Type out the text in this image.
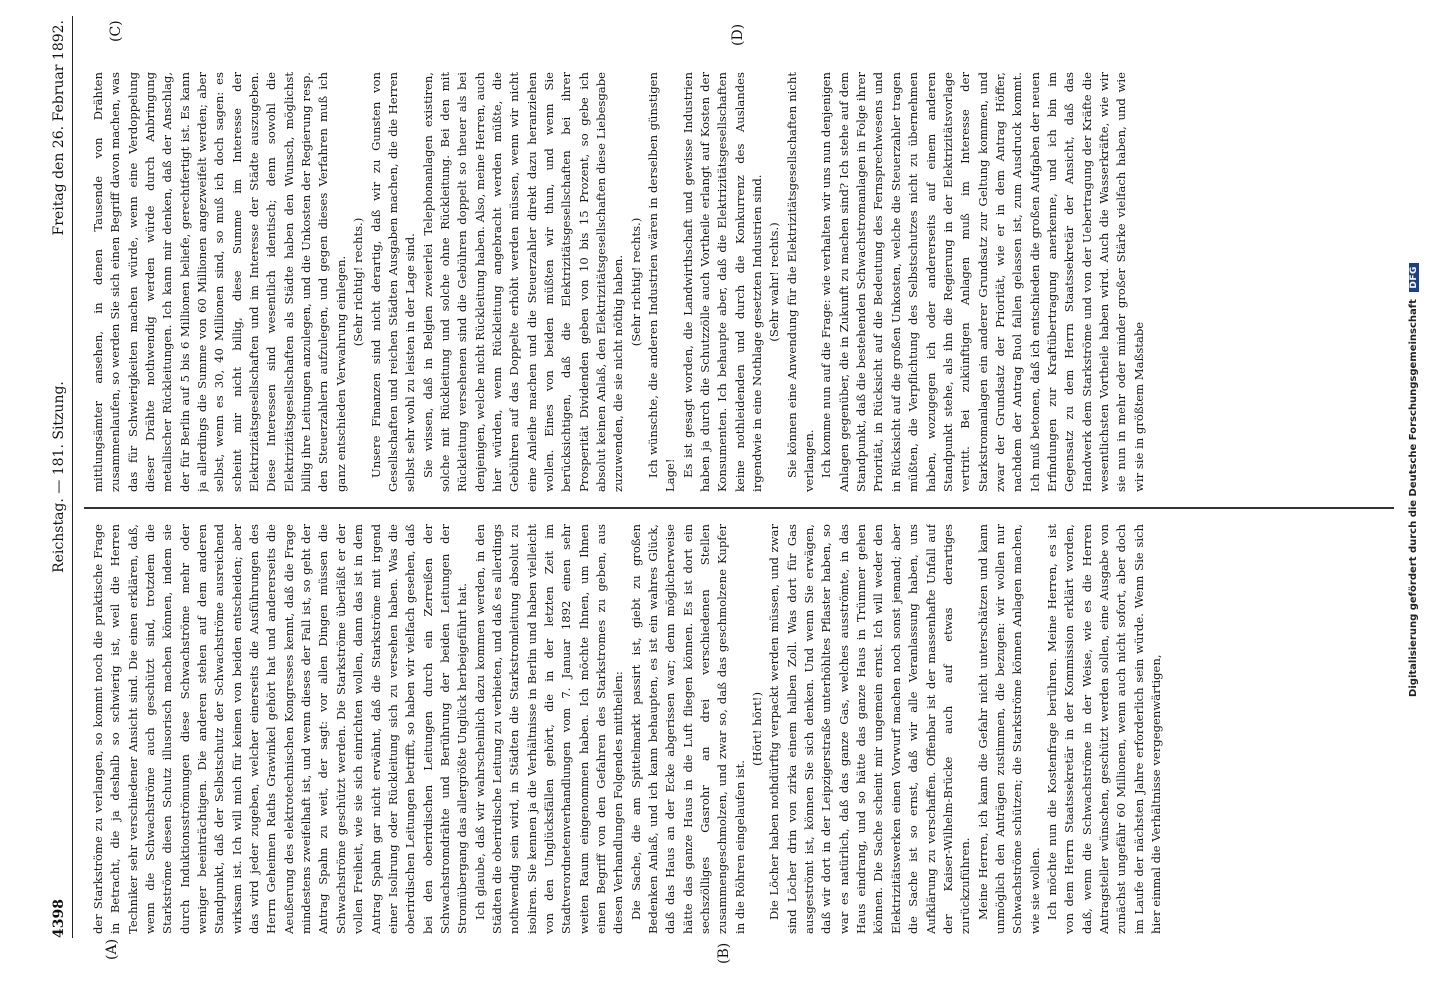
4398
Reichstag. — 181. Sitzung.
Freitag den 26. Februar 1892.
(A)	(B)
(C)	(D)

der Starkströme zu verlangen, so kommt noch die praktische Frage in Betracht, die ja deshalb so schwierig ist, weil die Herren Techniker sehr verschiedener Ansicht sind. Die einen erklären, daß, wenn die Schwachströme auch geschützt sind, trotzdem die Starkströme diesen Schutz illusorisch machen können, indem sie durch Induktionsströmungen diese Schwachströme mehr oder weniger beeinträchtigen. Die anderen stehen auf dem anderen Standpunkt, daß der Selbstschutz der Schwachströme ausreichend wirksam ist. Ich will mich für keinen von beiden entscheiden; aber das wird jeder zugeben, welcher einerseits die Ausführungen des Herrn Geheimen Raths Grawinkel gehört hat und andererseits die Aeußerung des elektrotechnischen Kongresses kennt, daß die Frage mindestens zweifelhaft ist, und wenn dieses der Fall ist, so geht der Antrag Spahn zu weit, der sagt: vor allen Dingen müssen die Schwachströme geschützt werden. Die Starkströme überläßt er der vollen Freiheit, wie sie sich einrichten wollen, dann das ist in dem Antrag Spahn gar nicht erwähnt, daß die Starkströme mit irgend einer Isolirung oder Rückleitung sich zu versehen haben. Was die oberirdischen Leitungen betrifft, so haben wir vielfach gesehen, daß bei den oberirdischen Leitungen durch ein Zerreißen der Schwachstromdrähte und Berührung der beiden Leitungen der Stromübergang das allergrößte Unglück herbeigeführt hat. Ich glaube, daß wir wahrscheinlich dazu kommen werden, in den Städten die oberirdische Leitung zu verbieten, und daß es allerdings nothwendig sein wird, in Städten die Starkstromleitung absolut zu isoliren. Sie kennen ja die Verhältnisse in Berlin und haben vielleicht von den Unglücksfällen gehört, die in der letzten Zeit im Stadtverordnetenverhandlungen vom 7. Januar 1892 einen sehr weiten Raum eingenommen haben. Ich möchte Ihnen, um Ihnen einen Begriff von den Gefahren des Starkstromes zu geben, aus diesen Verhandlungen Folgendes mittheilen: Die Sache, die am Spittelmarkt passirt ist, giebt zu großen Bedenken Anlaß, und ich kann behaupten, es ist ein wahres Glück, daß das Haus an der Ecke abgerissen war; denn möglicherweise hätte das ganze Haus in die Luft fliegen können. Es ist dort ein sechszölliges Gasrohr an drei verschiedenen Stellen zusammengeschmolzen, und zwar so, daß das geschmolzene Kupfer in die Röhren eingelaufen ist.

(Hört! hört!) Die Löcher haben nothdürftig verpackt werden müssen, und zwar sind Löcher drin von zirka einem halben Zoll. Was dort für Gas ausgeströmt ist, können Sie sich denken. Und wenn Sie erwägen, daß wir dort in der Leipzigerstraße unterhöhltes Pflaster haben, so war es natürlich, daß das ganze Gas, welches ausströmte, in das Haus eindrang, und so hätte das ganze Haus in Trümmer gehen können. Die Sache scheint mir ungemein ernst. Ich will weder den Elektrizitätswerken einen Vorwurf machen noch sonst jemand; aber die Sache ist so ernst, daß wir alle Veranlassung haben, uns Aufklärung zu verschaffen. Offenbar ist der massenhafte Unfall auf der Kaiser-Wilhelm-Brücke auch auf etwas derartiges zurückzuführen. Meine Herren, ich kann die Gefahr nicht unterschätzen und kann unmöglich den Anträgen zustimmen, die bezugen: wir wollen nur Schwachströme schützen; die Starkströme können Anlagen machen, wie sie wollen. Ich möchte nun die Kostenfrage berühren. Meine Herren, es ist von dem Herrn Staatssekretär in der Kommission erklärt worden, daß, wenn die Schwachströme in der Weise, wie es die Herren Antragsteller wünschen, geschützt werden sollen, eine Ausgabe von zunächst ungefähr 60 Millionen, wenn auch nicht sofort, aber doch im Laufe der nächsten Jahre erforderlich sein würde. Wenn Sie sich hier einmal die Verhältnisse vergegenwärtigen,

mittlungsämter ansehen, in denen Tausende von Drähten zusammenlaufen, so werden Sie sich einen Begriff davon machen, was das für Schwierigkeiten machen würde, wenn eine Verdoppelung dieser Drähte nothwendig werden würde durch Anbringung metallischer Rückleitungen. Ich kann mir denken, daß der Anschlag, der für Berlin auf 5 bis 6 Millionen beliefe, gerechtfertigt ist. Es kann ja allerdings die Summe von 60 Millionen angezweifelt werden; aber selbst, wenn es 30, 40 Millionen sind, so muß ich doch sagen: es scheint mir nicht billig, diese Summe im Interesse der Elektrizitätsgesellschaften und im Interesse der Städte auszugeben. Diese Interessen sind wesentlich identisch; denn sowohl die Elektrizitätsgesellschaften als Städte haben den Wunsch, möglichst billig ihre Leitungen anzulegen, und die Unkosten der Regierung resp. den Steuerzahlern aufzulegen, und gegen dieses Verfahren muß ich ganz entschieden Verwahrung einlegen. (Sehr richtig! rechts.) Unsere Finanzen sind nicht derartig, daß wir zu Gunsten von Gesellschaften und reichen Städten Ausgaben machen, die die Herren selbst sehr wohl zu leisten in der Lage sind. Sie wissen, daß in Belgien zweierlei Telephonanlagen existiren, solche mit Rückleitung und solche ohne Rückleitung. Bei den mit Rückleitung versehenen sind die Gebühren doppelt so theuer als bei denjenigen, welche nicht Rückleitung haben. Also, meine Herren, auch hier würden, wenn Rückleitung angebracht werden müßte, die Gebühren auf das Doppelte erhöht werden müssen, wenn wir nicht eine Anleihe machen und die Steuerzahler direkt dazu heranziehen wollen. Eines von beiden müßten wir thun, und wenn Sie berücksichtigen, daß die Elektrizitätsgesellschaften bei ihrer Prosperität Dividenden geben von 10 bis 15 Prozent, so gebe ich absolut keinen Anlaß, den Elektrizitätsgesellschaften diese Liebesgabe zuzuwenden, die sie nicht nöthig haben. (Sehr richtig! rechts.) Ich wünschte, die anderen Industrien wären in derselben günstigen Lage! Es ist gesagt worden, die Landwirthschaft und gewisse Industrien haben ja durch die Schutzzölle auch Vortheile erlangt auf Kosten der Konsumenten. Ich behaupte aber, daß die Elektrizitätsgesellschaften keine nothleidenden und durch die Konkurrenz des Auslandes irgendwie in eine Nothlage gesetzten Industrien sind. (Sehr wahr! rechts.) Sie können eine Anwendung für die Elektrizitätsgesellschaften nicht verlangen. Ich komme nun auf die Frage: wie verhalten wir uns nun denjenigen Anlagen gegenüber, die in Zukunft zu machen sind? Ich stehe auf dem Standpunkt, daß die bestehenden Schwachstromanlagen in Folge ihrer Priorität, in Rücksicht auf die Bedeutung des Fernsprechwesens und in Rücksicht auf die großen Unkosten, welche die Steuerzahler tragen müßten, die Verpflichtung des Selbstschutzes nicht zu übernehmen haben, wozugegen ich oder andererseits auf einem anderen Standpunkt stehe, als ihn die Regierung in der Elektrizitätsvorlage vertritt. Bei zukünftigen Anlagen muß im Interesse der Starkstromanlagen ein anderer Grundsatz zur Geltung kommen, und zwar der Grundsatz der Priorität, wie er in dem Antrag Höffer, nachdem der Antrag Buol fallen gelassen ist, zum Ausdruck kommt. Ich muß betonen, daß ich entschieden die großen Aufgaben der neuen Erfindungen zur Kraftübertragung anerkenne, und ich bin im Gegensatz zu dem Herrn Staatssekretär der Ansicht, daß das Handwerk dem Starkströme und von der Uebertragung der Kräfte die wesentlichsten Vortheile haben wird. Auch die Wasserkräfte, wie wir sie nun in mehr oder minder großer Stärke vielfach haben, und wie wir sie in größtem Maßstabe	Digitalisierung gefördert durch die Deutsche Forschungsgemeinschaft DFG
